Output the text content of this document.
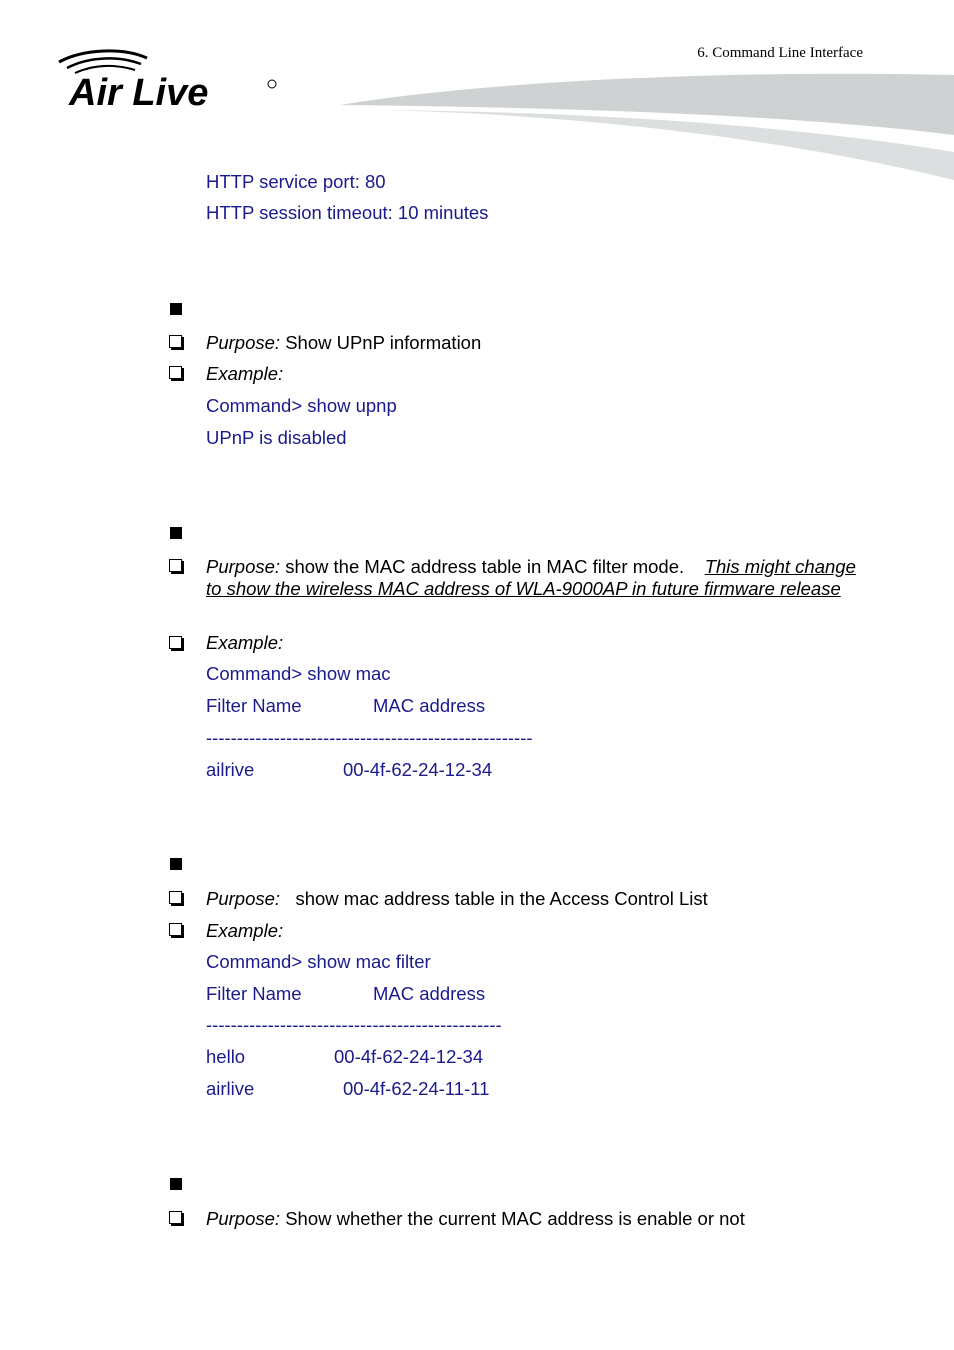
6. Command Line Interface
Air Live
HTTP service port: 80
HTTP session timeout: 10 minutes
Purpose: Show UPnP information
Example:
Command> show upnp
UPnP is disabled
Purpose: show the MAC address table in MAC filter mode. This might change to show the wireless MAC address of WLA-9000AP in future firmware release
Example:
Command> show mac
Filter Name	MAC address
-----------------------------------------------------
ailrive	00-4f-62-24-12-34
Purpose: show mac address table in the Access Control List
Example:
Command> show mac filter
Filter Name	MAC address
------------------------------------------------
hello	00-4f-62-24-12-34
airlive	00-4f-62-24-11-11
Purpose: Show whether the current MAC address is enable or not
